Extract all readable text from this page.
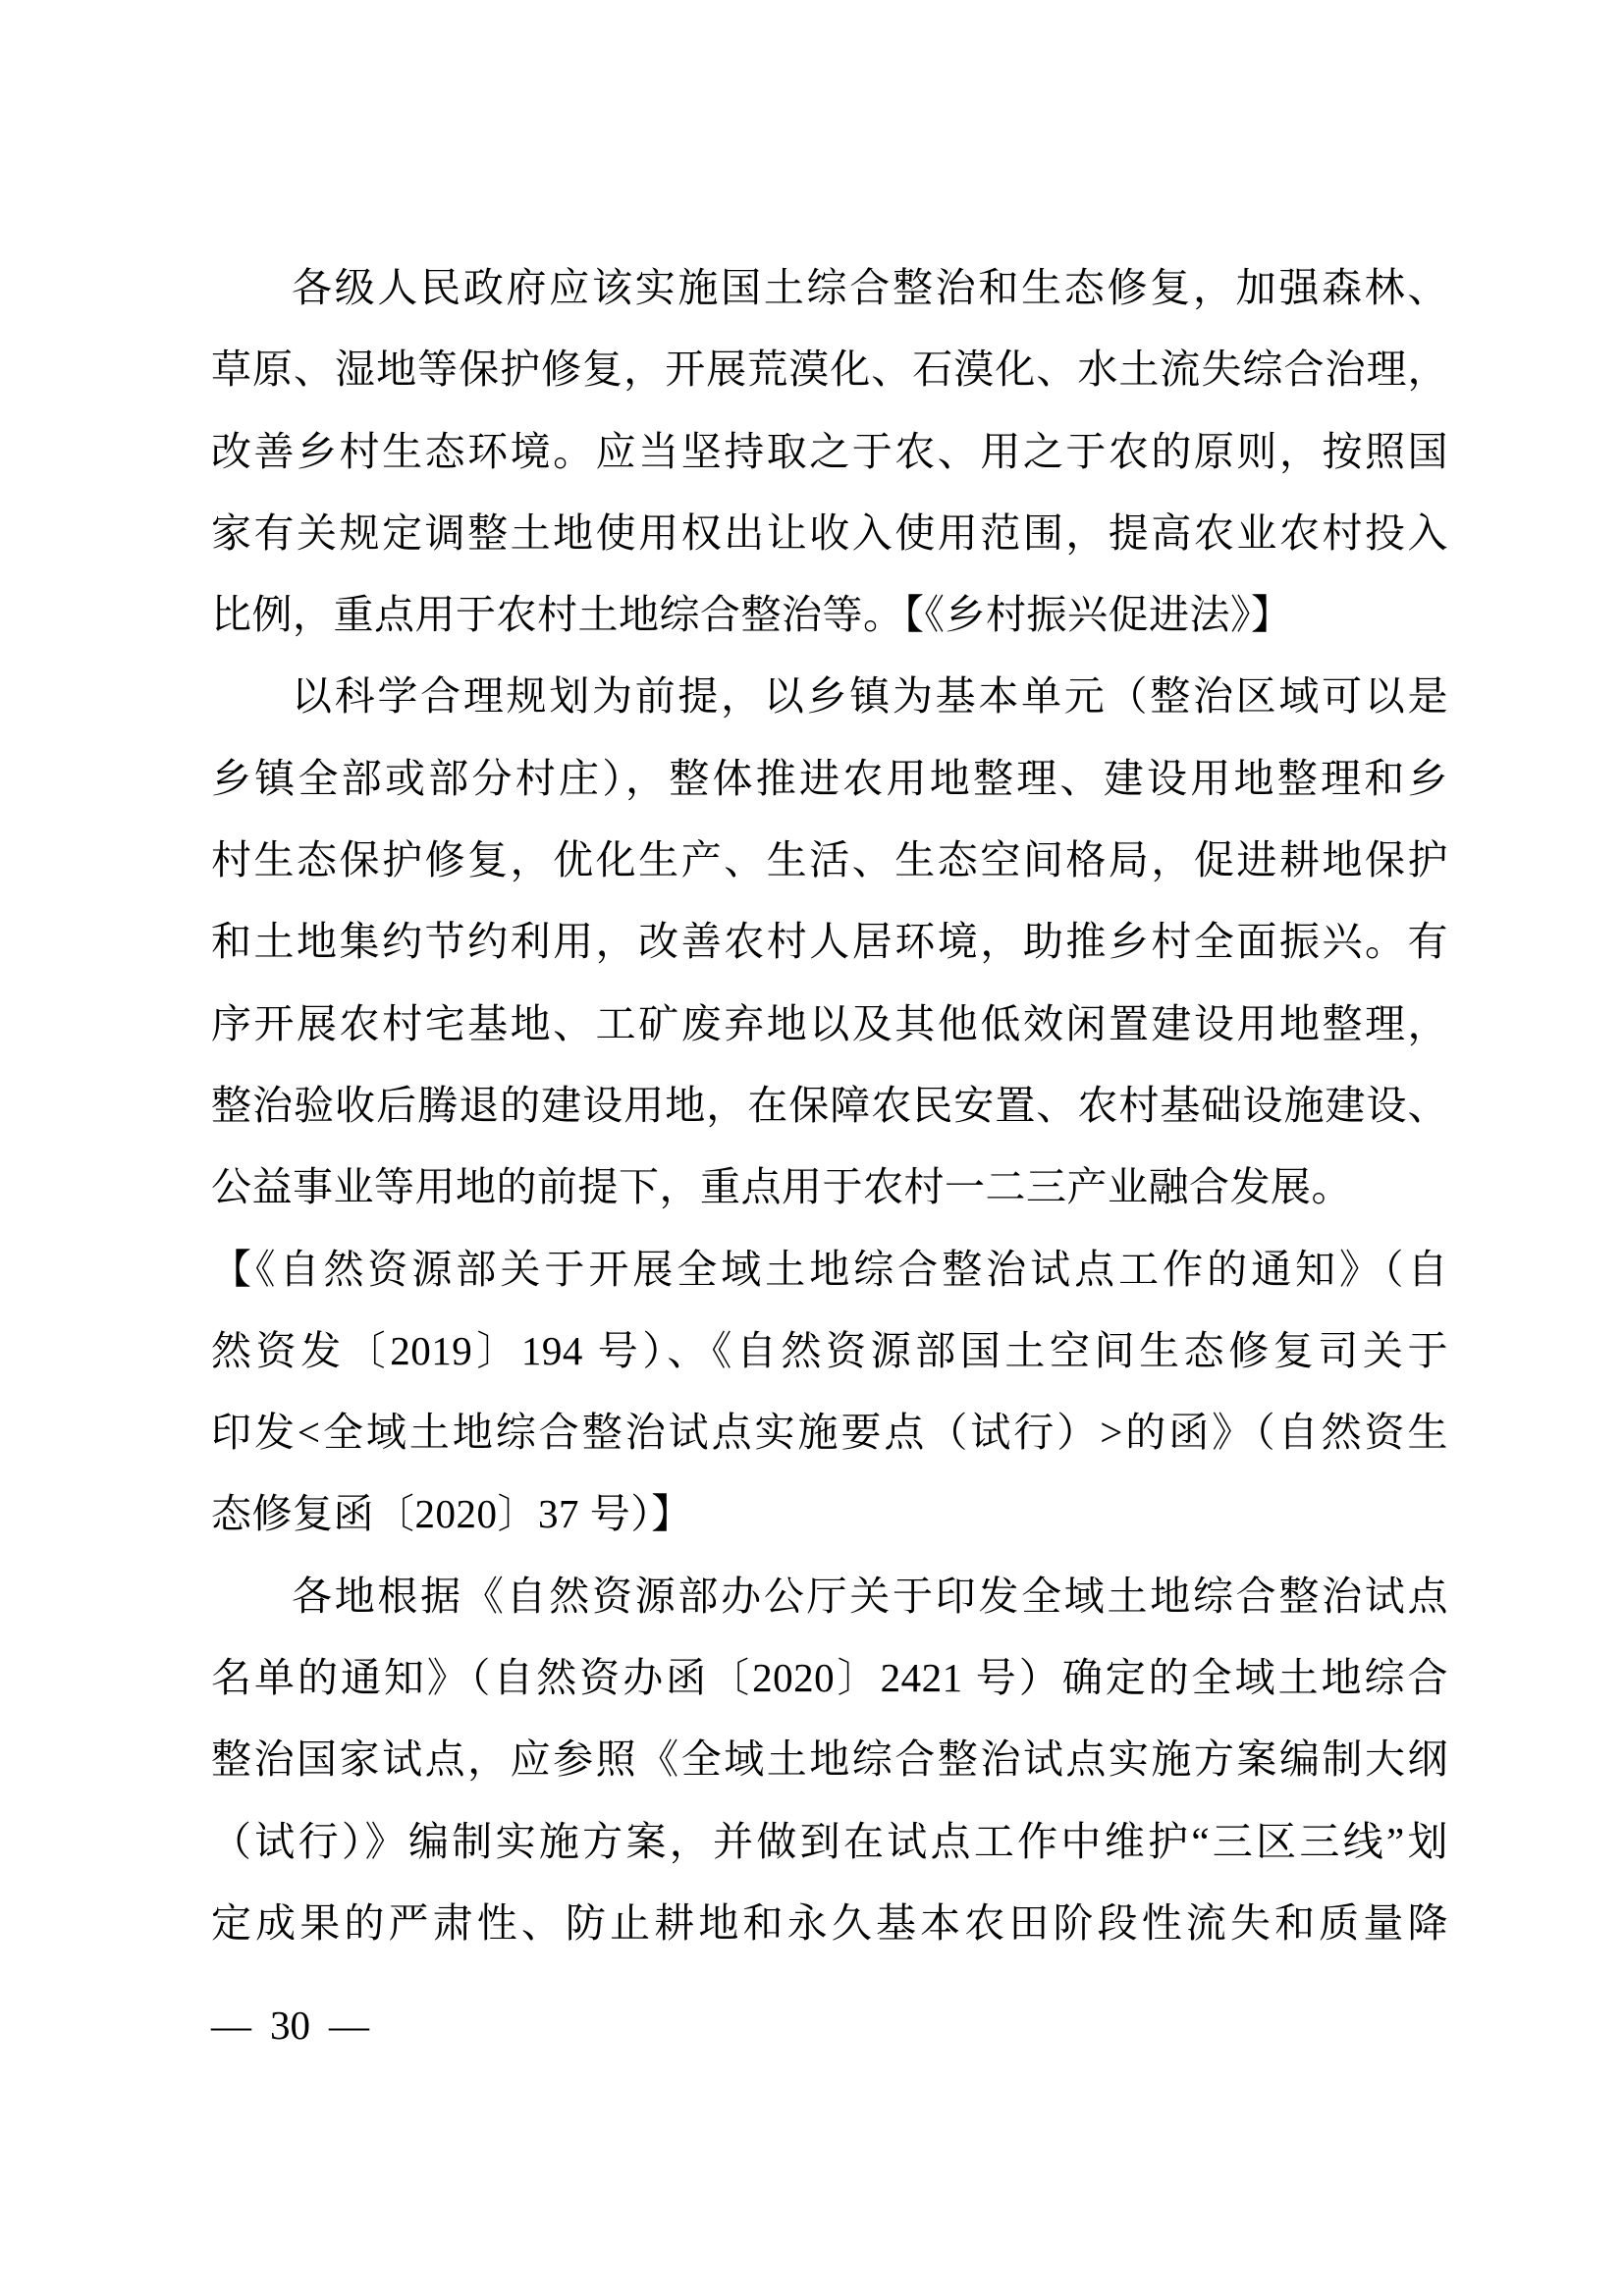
各级人民政府应该实施国土综合整治和生态修复，加强森林、
草原、湿地等保护修复，开展荒漠化、石漠化、水土流失综合治理，
改善乡村生态环境。应当坚持取之于农、用之于农的原则，按照国
家有关规定调整土地使用权出让收入使用范围，提高农业农村投入
比例，重点用于农村土地综合整治等。【《乡村振兴促进法》】
以科学合理规划为前提，以乡镇为基本单元（整治区域可以是
乡镇全部或部分村庄），整体推进农用地整理、建设用地整理和乡
村生态保护修复，优化生产、生活、生态空间格局，促进耕地保护
和土地集约节约利用，改善农村人居环境，助推乡村全面振兴。有
序开展农村宅基地、工矿废弃地以及其他低效闲置建设用地整理，
整治验收后腾退的建设用地，在保障农民安置、农村基础设施建设、
公益事业等用地的前提下，重点用于农村一二三产业融合发展。
【《自然资源部关于开展全域土地综合整治试点工作的通知》（自
然资发〔2019〕194 号）、《自然资源部国土空间生态修复司关于
印发<全域土地综合整治试点实施要点（试行）>的函》（自然资生
态修复函〔2020〕37 号）】
各地根据《自然资源部办公厅关于印发全域土地综合整治试点
名单的通知》（自然资办函〔2020〕2421 号）确定的全域土地综合
整治国家试点，应参照《全域土地综合整治试点实施方案编制大纲
（试行）》编制实施方案，并做到在试点工作中维护“三区三线”划
定成果的严肃性、防止耕地和永久基本农田阶段性流失和质量降
— 30 —
